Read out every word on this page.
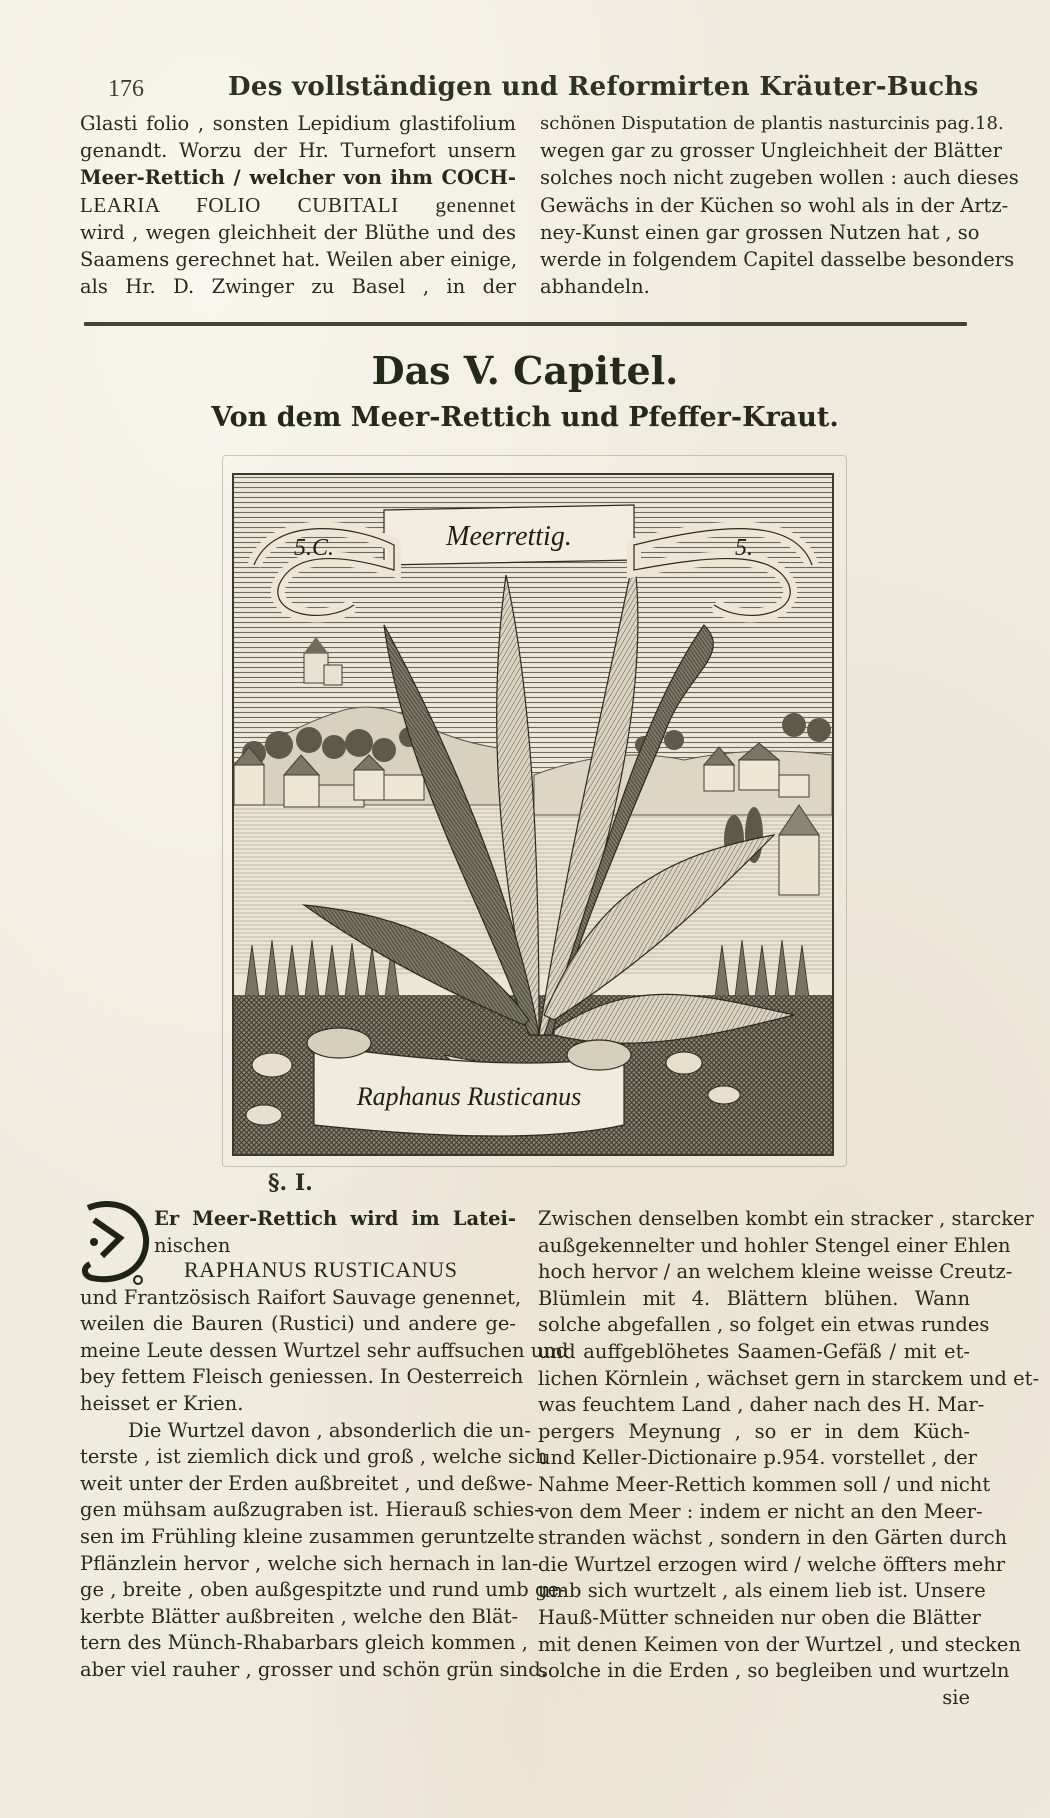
176	Des vollständigen und Reformirten Kräuter-Buchs
Glasti folio , sonsten Lepidium glastifolium
genandt. Worzu der Hr. Turnefort unsern
Meer-Rettich / welcher von ihm COCH-
LEARIA FOLIO CUBITALI genennet
wird , wegen gleichheit der Blüthe und des
Saamens gerechnet hat. Weilen aber einige,
als Hr. D. Zwinger zu Basel , in der
schönen Disputation de plantis nasturcinis pag.18.
wegen gar zu grosser Ungleichheit der Blätter
solches noch nicht zugeben wollen : auch dieses
Gewächs in der Küchen so wohl als in der Artz-
ney-Kunst einen gar grossen Nutzen hat , so
werde in folgendem Capitel dasselbe besonders
abhandeln.
Das V. Capitel.
Von dem Meer-Rettich und Pfeffer-Kraut.
Meerrettig.
5.C.	5.
Raphanus Rusticanus
§. I.
Er Meer-Rettich wird im Latei-
nischen
RAPHANUS RUSTICANUS
und Frantzösisch Raifort Sauvage genennet,
weilen die Bauren (Rustici) und andere ge-
meine Leute dessen Wurtzel sehr auffsuchen und
bey fettem Fleisch geniessen. In Oesterreich
heisset er Krien.
Die Wurtzel davon , absonderlich die un-
terste , ist ziemlich dick und groß , welche sich
weit unter der Erden außbreitet , und deßwe-
gen mühsam außzugraben ist. Hierauß schies-
sen im Frühling kleine zusammen geruntzelte
Pflänzlein hervor , welche sich hernach in lan-
ge , breite , oben außgespitzte und rund umb ge-
kerbte Blätter außbreiten , welche den Blät-
tern des Münch-Rhabarbars gleich kommen ,
aber viel rauher , grosser und schön grün sind.
Zwischen denselben kombt ein stracker , starcker
außgekennelter und hohler Stengel einer Ehlen
hoch hervor / an welchem kleine weisse Creutz-
Blümlein mit 4. Blättern blühen. Wann
solche abgefallen , so folget ein etwas rundes
und auffgeblöhetes Saamen-Gefäß / mit et-
lichen Körnlein , wächset gern in starckem und et-
was feuchtem Land , daher nach des H. Mar-
pergers Meynung , so er in dem Küch-
und Keller-Dictionaire p.954. vorstellet , der
Nahme Meer-Rettich kommen soll / und nicht
von dem Meer : indem er nicht an den Meer-
stranden wächst , sondern in den Gärten durch
die Wurtzel erzogen wird / welche öffters mehr
umb sich wurtzelt , als einem lieb ist. Unsere
Hauß-Mütter schneiden nur oben die Blätter
mit denen Keimen von der Wurtzel , und stecken
solche in die Erden , so begleiben und wurtzeln
sie
